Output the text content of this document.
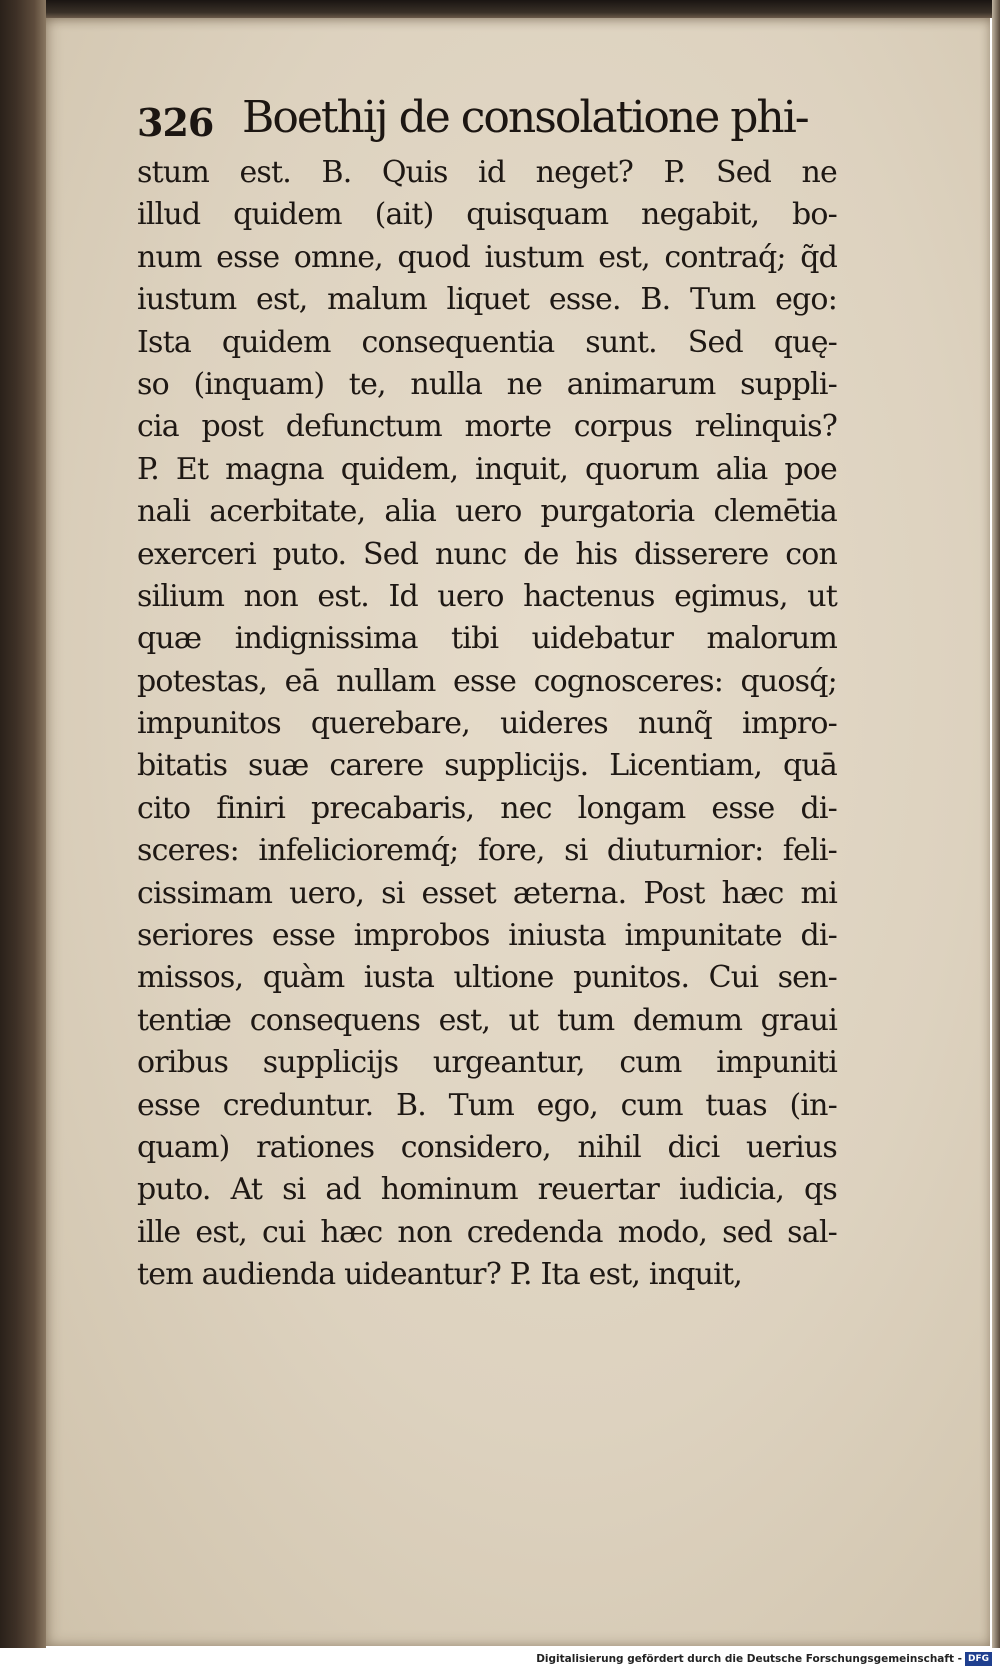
326 Boethij de consolatione phi-
stum est. B. Quis id neget? P. Sed ne
illud quidem (ait) quisquam negabit, bo-
num esse omne, quod iustum est, contraq́; q̃d
iustum est, malum liquet esse. B. Tum ego:
Ista quidem consequentia sunt. Sed quę-
so (inquam) te, nulla ne animarum suppli-
cia post defunctum morte corpus relinquis?
P. Et magna quidem, inquit, quorum alia poe
nali acerbitate, alia uero purgatoria clemētia
exerceri puto. Sed nunc de his disserere con
silium non est. Id uero hactenus egimus, ut
quæ indignissima tibi uidebatur malorum
potestas, eā nullam esse cognosceres: quosq́;
impunitos querebare, uideres nunq̃ impro-
bitatis suæ carere supplicijs. Licentiam, quā
cito finiri precabaris, nec longam esse di-
sceres: infelicioremq́; fore, si diuturnior: feli-
cissimam uero, si esset æterna. Post hæc mi
seriores esse improbos iniusta impunitate di-
missos, quàm iusta ultione punitos. Cui sen-
tentiæ consequens est, ut tum demum graui
oribus supplicijs urgeantur, cum impuniti
esse creduntur. B. Tum ego, cum tuas (in-
quam) rationes considero, nihil dici uerius
puto. At si ad hominum reuertar iudicia, qs
ille est, cui hæc non credenda modo, sed sal-
tem audienda uideantur? P. Ita est, inquit,
Digitalisierung gefördert durch die Deutsche Forschungsgemeinschaft - DFG
